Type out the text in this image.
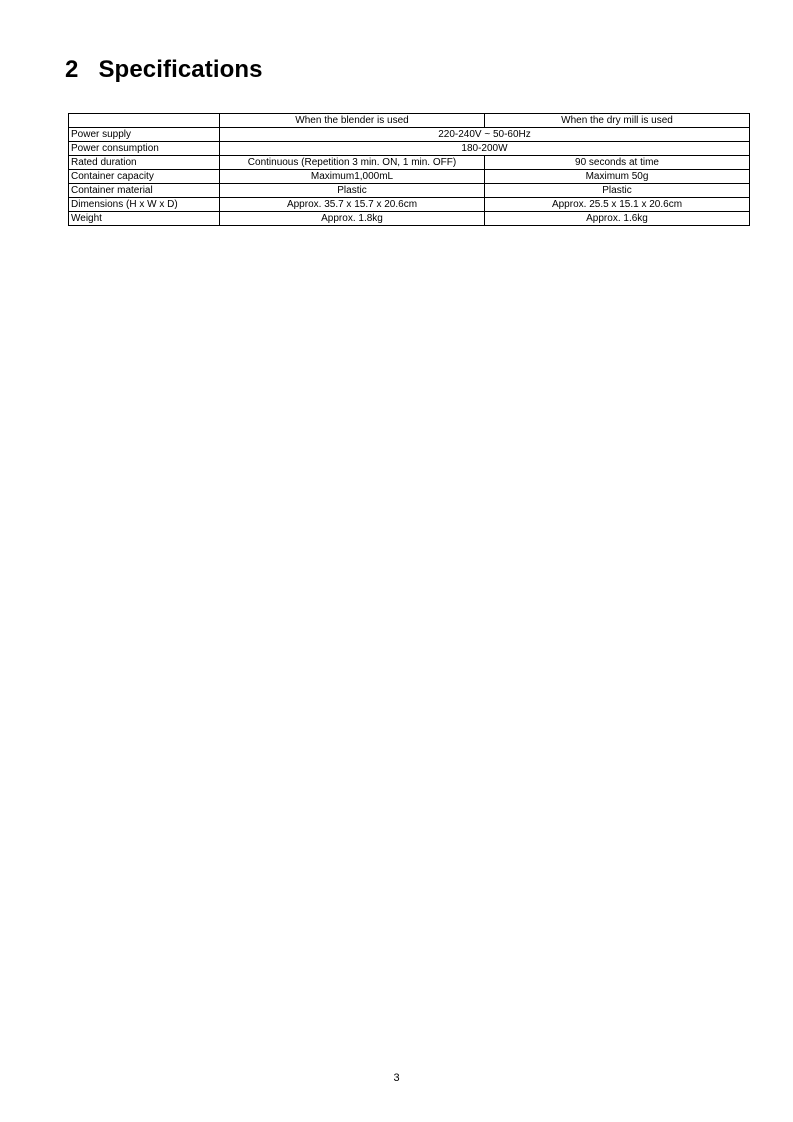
2 Specifications
	When the blender is used	When the dry mill is used
Power supply	220-240V ~ 50-60Hz	
Power consumption	180-200W	
Rated duration	Continuous (Repetition 3 min. ON, 1 min. OFF)	90 seconds at time
Container capacity	Maximum1,000mL	Maximum 50g
Container material	Plastic	Plastic
Dimensions (H x W x D)	Approx. 35.7 x 15.7 x 20.6cm	Approx. 25.5 x 15.1 x 20.6cm
Weight	Approx. 1.8kg	Approx. 1.6kg
3
